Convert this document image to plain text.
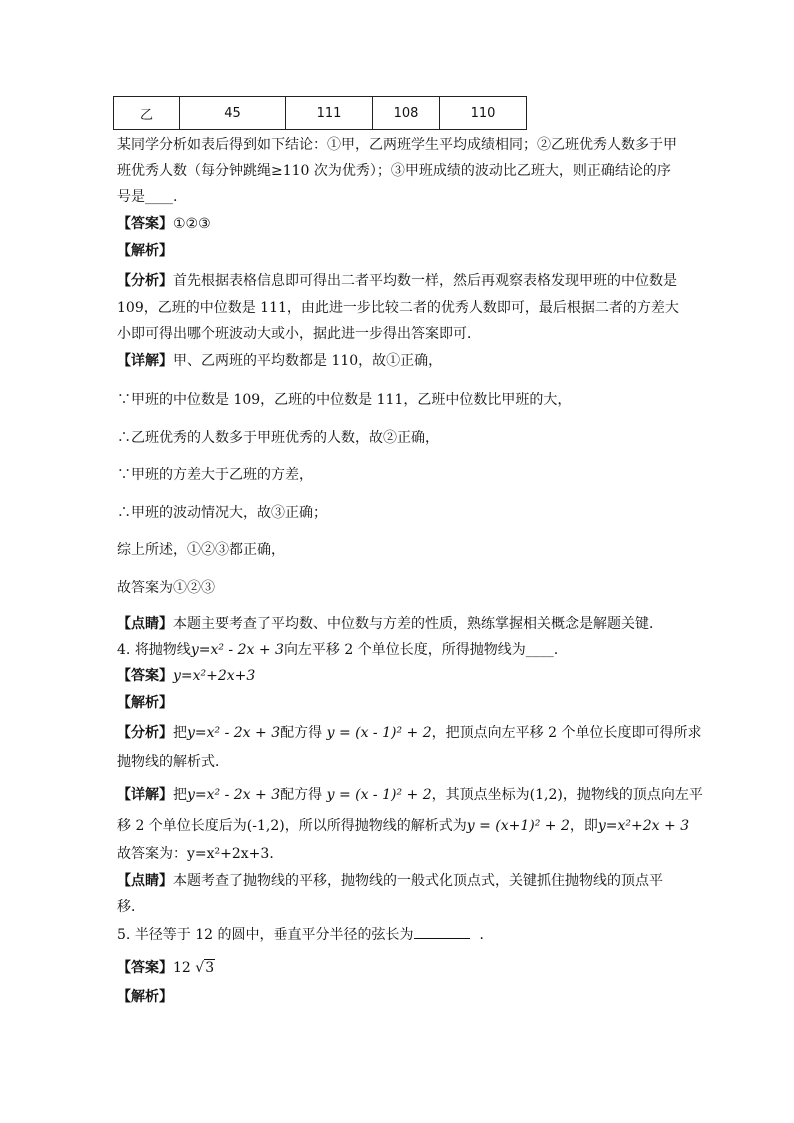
乙	45	111	108	110
某同学分析如表后得到如下结论：①甲，乙两班学生平均成绩相同；②乙班优秀人数多于甲
班优秀人数（每分钟跳绳≥110 次为优秀）；③甲班成绩的波动比乙班大，则正确结论的序
号是____.
【答案】①②③
【解析】
【分析】首先根据表格信息即可得出二者平均数一样，然后再观察表格发现甲班的中位数是
109，乙班的中位数是 111，由此进一步比较二者的优秀人数即可，最后根据二者的方差大
小即可得出哪个班波动大或小，据此进一步得出答案即可．
【详解】甲、乙两班的平均数都是 110，故①正确，
∵甲班的中位数是 109，乙班的中位数是 111，乙班中位数比甲班的大，
∴乙班优秀的人数多于甲班优秀的人数，故②正确，
∵甲班的方差大于乙班的方差，
∴甲班的波动情况大，故③正确；
综上所述，①②③都正确，
故答案为①②③
【点睛】本题主要考查了平均数、中位数与方差的性质，熟练掌握相关概念是解题关键．
4. 将抛物线y=x² - 2x + 3向左平移 2 个单位长度，所得抛物线为____.
【答案】y=x²+2x+3
【解析】
【分析】把y=x² - 2x + 3配方得 y = (x - 1)² + 2，把顶点向左平移 2 个单位长度即可得所求
抛物线的解析式．
【详解】把y=x² - 2x + 3配方得 y = (x - 1)² + 2，其顶点坐标为(1,2)，抛物线的顶点向左平
移 2 个单位长度后为(-1,2)，所以所得抛物线的解析式为y = (x+1)² + 2，即y=x²+2x + 3
故答案为：y=x²+2x+3．
【点睛】本题考查了抛物线的平移，抛物线的一般式化顶点式，关键抓住抛物线的顶点平
移．
5. 半径等于 12 的圆中，垂直平分半径的弦长为	．
【答案】12 √3
【解析】
